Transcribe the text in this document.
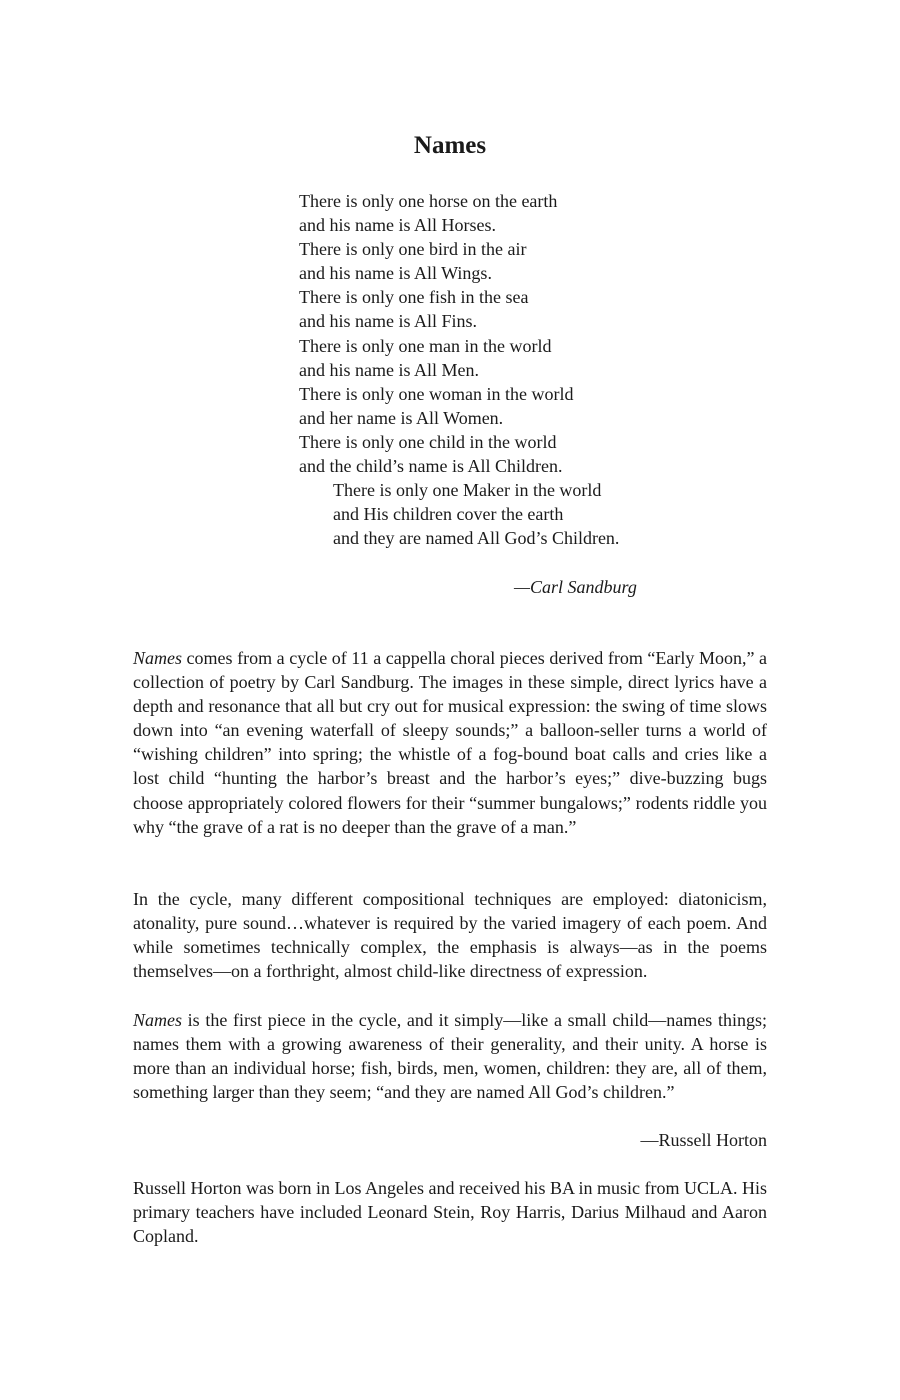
Names
There is only one horse on the earth
and his name is All Horses.
There is only one bird in the air
and his name is All Wings.
There is only one fish in the sea
and his name is All Fins.
There is only one man in the world
and his name is All Men.
There is only one woman in the world
and her name is All Women.
There is only one child in the world
and the child’s name is All Children.
There is only one Maker in the world
and His children cover the earth
and they are named All God’s Children.
—Carl Sandburg

Names comes from a cycle of 11 a cappella choral pieces derived from “Early Moon,” a collection of poetry by Carl Sandburg. The images in these simple, direct lyrics have a depth and resonance that all but cry out for musical expression: the swing of time slows down into “an evening waterfall of sleepy sounds;” a balloon-seller turns a world of “wishing children” into spring; the whistle of a fog-bound boat calls and cries like a lost child “hunting the harbor’s breast and the harbor’s eyes;” dive-buzzing bugs choose appropriately colored flowers for their “summer bungalows;” rodents riddle you why “the grave of a rat is no deeper than the grave of a man.”

In the cycle, many different compositional techniques are employed: diatonicism, atonality, pure sound…whatever is required by the varied imagery of each poem. And while sometimes technically complex, the emphasis is always—as in the poems themselves—on a forthright, almost child-like directness of expression.

Names is the first piece in the cycle, and it simply—like a small child—names things; names them with a growing awareness of their generality, and their unity. A horse is more than an individual horse; fish, birds, men, women, children: they are, all of them, something larger than they seem; “and they are named All God’s children.”

—Russell Horton

Russell Horton was born in Los Angeles and received his BA in music from UCLA. His primary teachers have included Leonard Stein, Roy Harris, Darius Milhaud and Aaron Copland.
